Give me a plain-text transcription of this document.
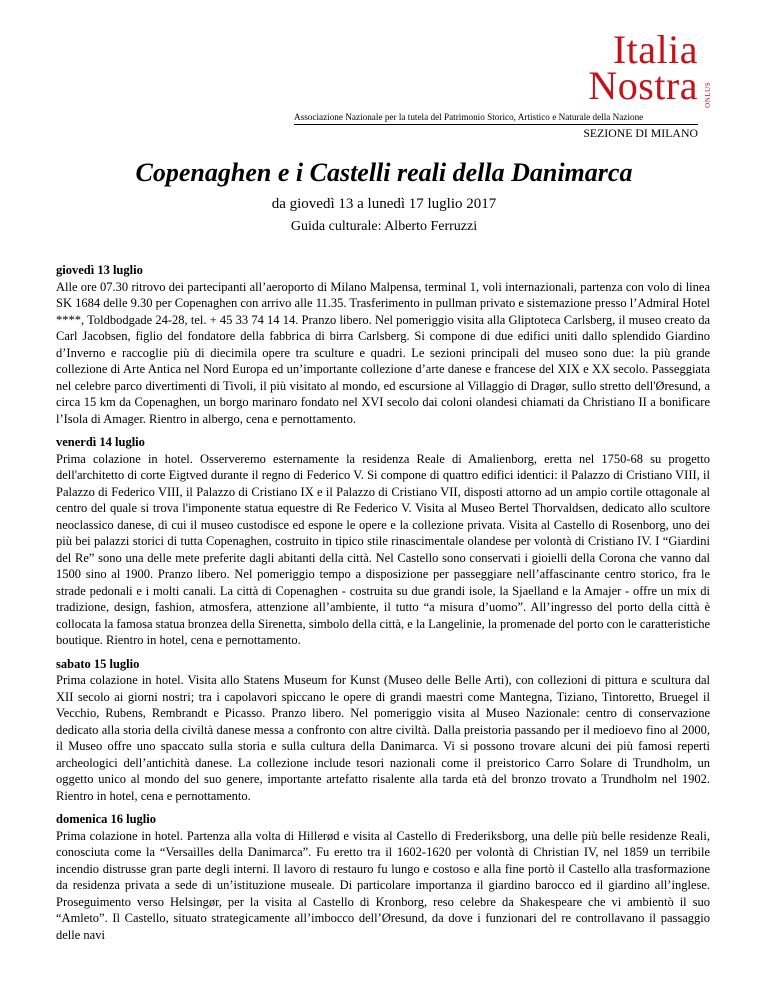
Italia
Nostra ONLUS
Associazione Nazionale per la tutela del Patrimonio Storico, Artistico e Naturale della Nazione
SEZIONE DI MILANO
Copenaghen e i Castelli reali della Danimarca
da giovedì 13 a lunedì 17 luglio 2017
Guida culturale: Alberto Ferruzzi
giovedì 13 luglio
Alle ore 07.30 ritrovo dei partecipanti all’aeroporto di Milano Malpensa, terminal 1, voli internazionali, partenza con volo di linea SK 1684 delle 9.30 per Copenaghen con arrivo alle 11.35. Trasferimento in pullman privato e sistemazione presso l’Admiral Hotel ****, Toldbodgade 24-28, tel. + 45 33 74 14 14. Pranzo libero. Nel pomeriggio visita alla Gliptoteca Carlsberg, il museo creato da Carl Jacobsen, figlio del fondatore della fabbrica di birra Carlsberg. Si compone di due edifici uniti dallo splendido Giardino d’Inverno e raccoglie più di diecimila opere tra sculture e quadri. Le sezioni principali del museo sono due: la più grande collezione di Arte Antica nel Nord Europa ed un’importante collezione d’arte danese e francese del XIX e XX secolo. Passeggiata nel celebre parco divertimenti di Tivoli, il più visitato al mondo, ed escursione al Villaggio di Dragør, sullo stretto dell'Øresund, a circa 15 km da Copenaghen, un borgo marinaro fondato nel XVI secolo dai coloni olandesi chiamati da Christiano II a bonificare l’Isola di Amager. Rientro in albergo, cena e pernottamento.
venerdì 14 luglio
Prima colazione in hotel. Osserveremo esternamente la residenza Reale di Amalienborg, eretta nel 1750-68 su progetto dell'architetto di corte Eigtved durante il regno di Federico V. Si compone di quattro edifici identici: il Palazzo di Cristiano VIII, il Palazzo di Federico VIII, il Palazzo di Cristiano IX e il Palazzo di Cristiano VII, disposti attorno ad un ampio cortile ottagonale al centro del quale si trova l'imponente statua equestre di Re Federico V. Visita al Museo Bertel Thorvaldsen, dedicato allo scultore neoclassico danese, di cui il museo custodisce ed espone le opere e la collezione privata. Visita al Castello di Rosenborg, uno dei più bei palazzi storici di tutta Copenaghen, costruito in tipico stile rinascimentale olandese per volontà di Cristiano IV. I “Giardini del Re” sono una delle mete preferite dagli abitanti della città. Nel Castello sono conservati i gioielli della Corona che vanno dal 1500 sino al 1900. Pranzo libero. Nel pomeriggio tempo a disposizione per passeggiare nell’affascinante centro storico, fra le strade pedonali e i molti canali. La città di Copenaghen - costruita su due grandi isole, la Sjaelland e la Amajer - offre un mix di tradizione, design, fashion, atmosfera, attenzione all’ambiente, il tutto “a misura d’uomo”. All’ingresso del porto della città è collocata la famosa statua bronzea della Sirenetta, simbolo della città, e la Langelinie, la promenade del porto con le caratteristiche boutique. Rientro in hotel, cena e pernottamento.
sabato 15 luglio
Prima colazione in hotel. Visita allo Statens Museum for Kunst (Museo delle Belle Arti), con collezioni di pittura e scultura dal XII secolo ai giorni nostri; tra i capolavori spiccano le opere di grandi maestri come Mantegna, Tiziano, Tintoretto, Bruegel il Vecchio, Rubens, Rembrandt e Picasso. Pranzo libero. Nel pomeriggio visita al Museo Nazionale: centro di conservazione dedicato alla storia della civiltà danese messa a confronto con altre civiltà. Dalla preistoria passando per il medioevo fino al 2000, il Museo offre uno spaccato sulla storia e sulla cultura della Danimarca. Vi si possono trovare alcuni dei più famosi reperti archeologici dell’antichità danese. La collezione include tesori nazionali come il preistorico Carro Solare di Trundholm, un oggetto unico al mondo del suo genere, importante artefatto risalente alla tarda età del bronzo trovato a Trundholm nel 1902. Rientro in hotel, cena e pernottamento.
domenica 16 luglio
Prima colazione in hotel. Partenza alla volta di Hillerød e visita al Castello di Frederiksborg, una delle più belle residenze Reali, conosciuta come la “Versailles della Danimarca”. Fu eretto tra il 1602-1620 per volontà di Christian IV, nel 1859 un terribile incendio distrusse gran parte degli interni. Il lavoro di restauro fu lungo e costoso e alla fine portò il Castello alla trasformazione da residenza privata a sede di un’istituzione museale. Di particolare importanza il giardino barocco ed il giardino all’inglese. Proseguimento verso Helsingør, per la visita al Castello di Kronborg, reso celebre da Shakespeare che vi ambientò il suo “Amleto”. Il Castello, situato strategicamente all’imbocco dell’Øresund, da dove i funzionari del re controllavano il passaggio delle navi
